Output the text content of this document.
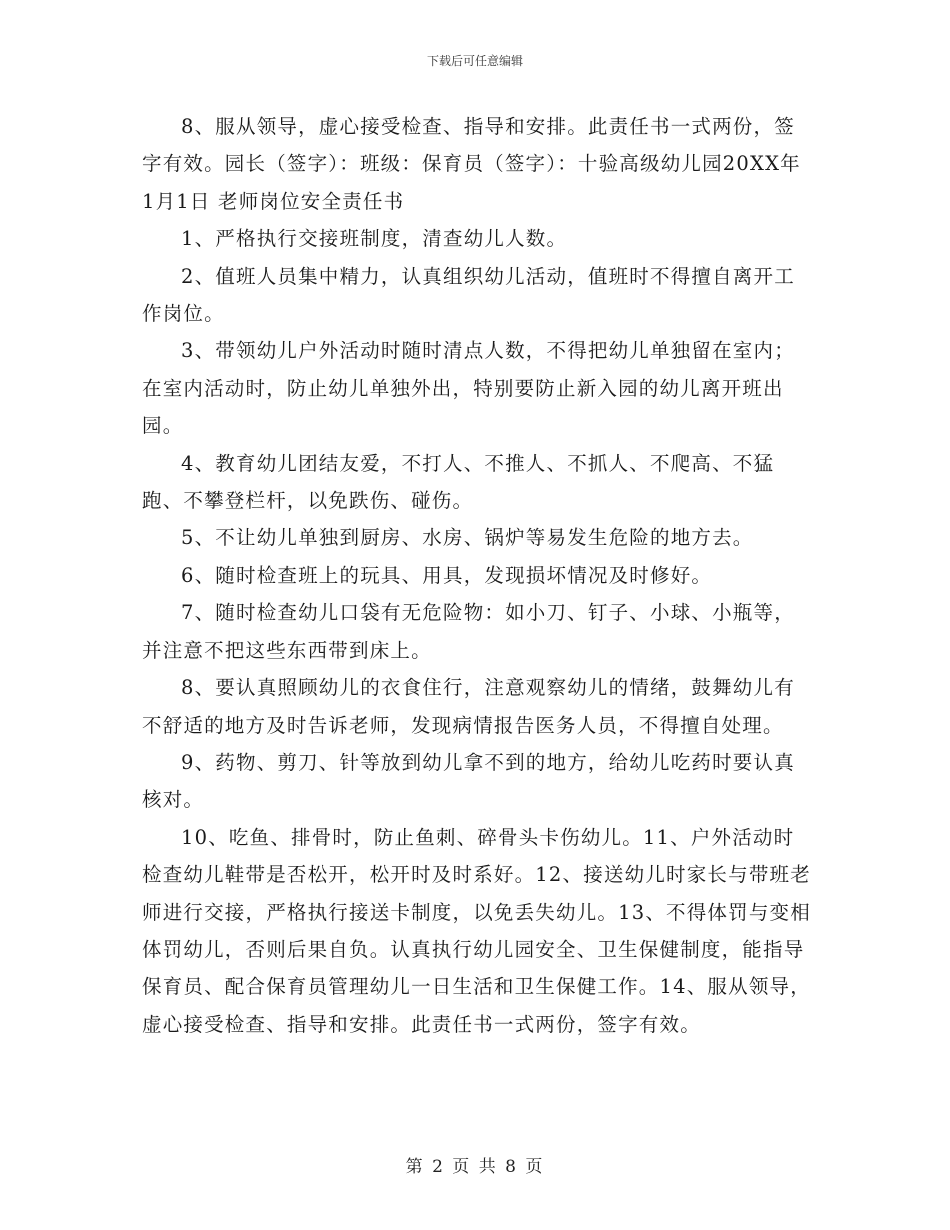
下载后可任意编辑

8、服从领导，虚心接受检查、指导和安排。此责任书一式两份，签字有效。园长（签字）：班级：保育员（签字）：十验高级幼儿园20XX年1月1日 老师岗位安全责任书

1、严格执行交接班制度，清查幼儿人数。

2、值班人员集中精力，认真组织幼儿活动，值班时不得擅自离开工作岗位。

3、带领幼儿户外活动时随时清点人数，不得把幼儿单独留在室内；在室内活动时，防止幼儿单独外出，特别要防止新入园的幼儿离开班出园。

4、教育幼儿团结友爱，不打人、不推人、不抓人、不爬高、不猛跑、不攀登栏杆，以免跌伤、碰伤。

5、不让幼儿单独到厨房、水房、锅炉等易发生危险的地方去。

6、随时检查班上的玩具、用具，发现损坏情况及时修好。

7、随时检查幼儿口袋有无危险物：如小刀、钉子、小球、小瓶等，并注意不把这些东西带到床上。

8、要认真照顾幼儿的衣食住行，注意观察幼儿的情绪，鼓舞幼儿有不舒适的地方及时告诉老师，发现病情报告医务人员，不得擅自处理。

9、药物、剪刀、针等放到幼儿拿不到的地方，给幼儿吃药时要认真核对。

10、吃鱼、排骨时，防止鱼刺、碎骨头卡伤幼儿。11、户外活动时检查幼儿鞋带是否松开，松开时及时系好。12、接送幼儿时家长与带班老师进行交接，严格执行接送卡制度，以免丢失幼儿。13、不得体罚与变相体罚幼儿，否则后果自负。认真执行幼儿园安全、卫生保健制度，能指导保育员、配合保育员管理幼儿一日生活和卫生保健工作。14、服从领导，虚心接受检查、指导和安排。此责任书一式两份，签字有效。

第 2 页 共 8 页
